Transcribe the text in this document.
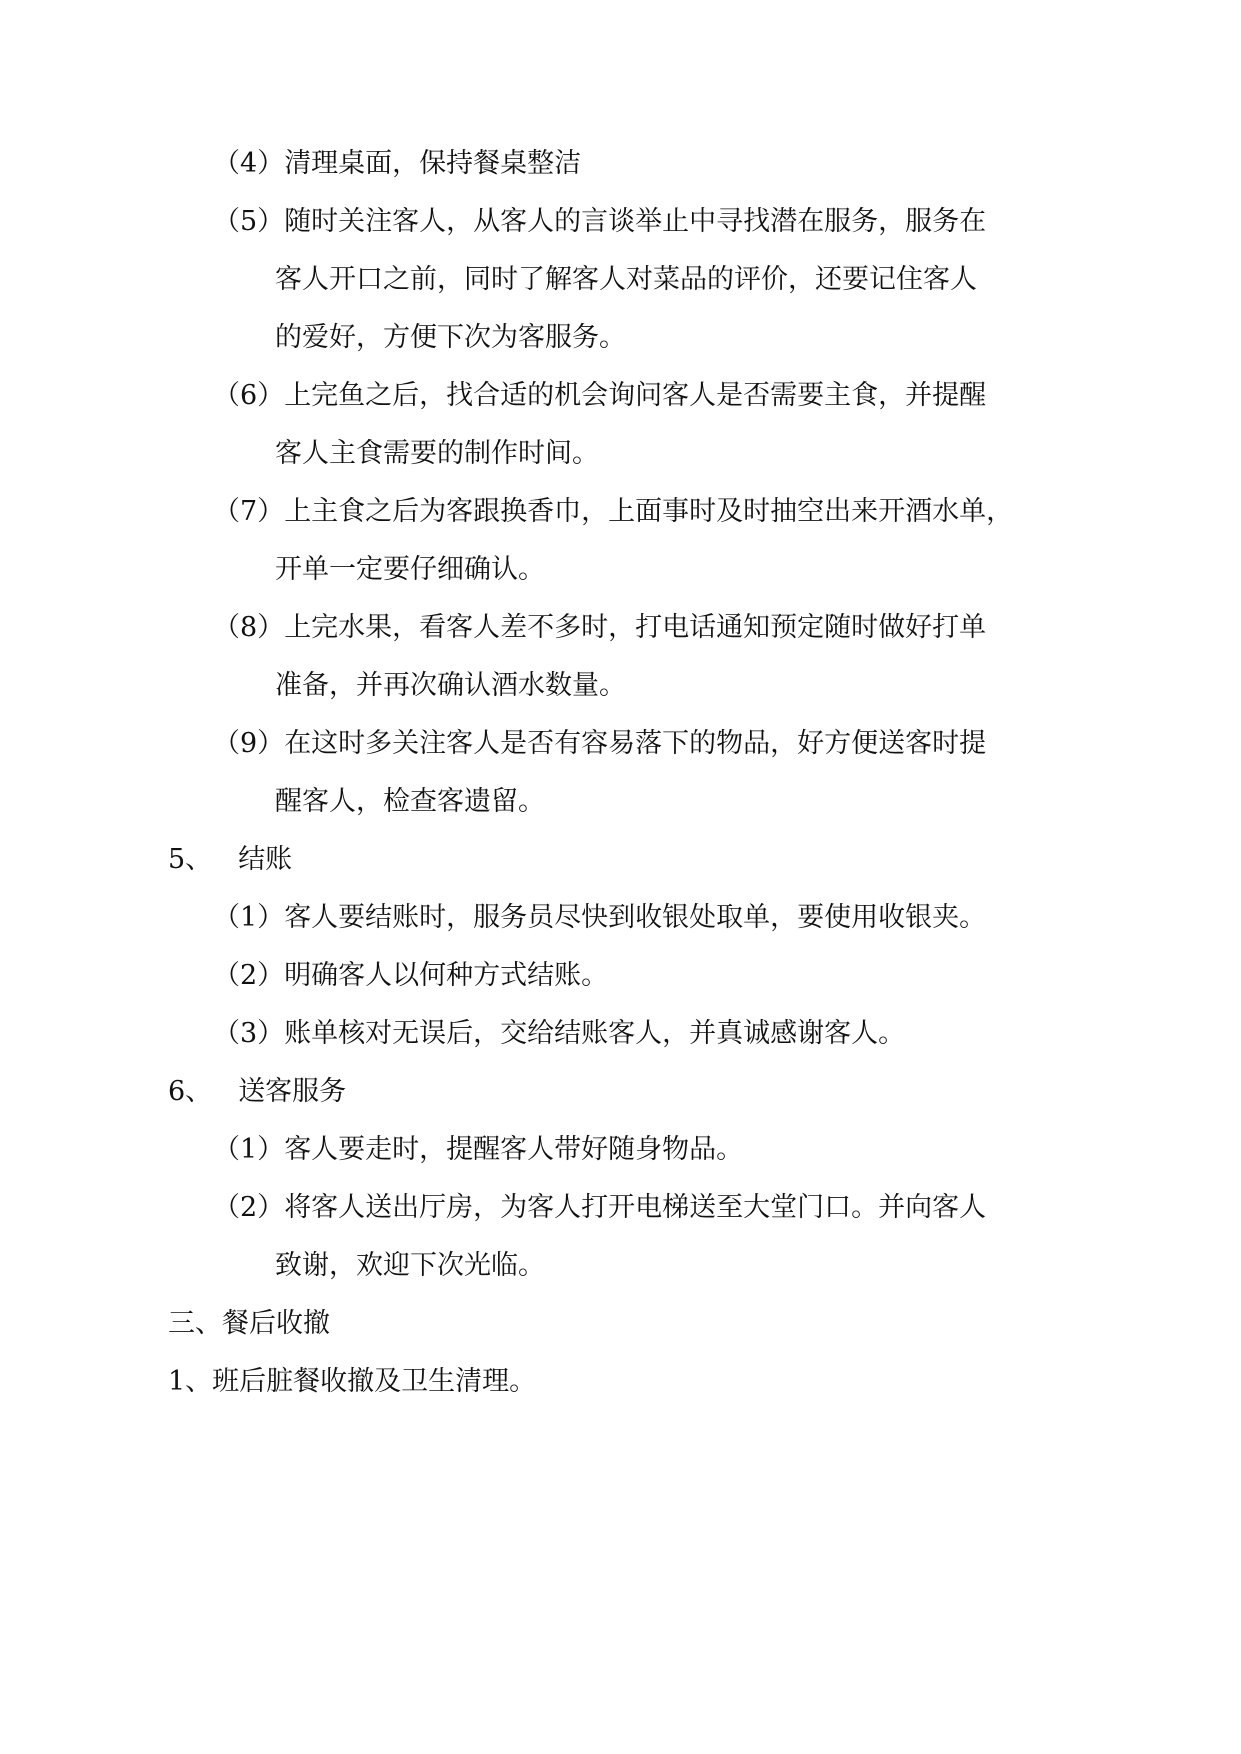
（4）清理桌面，保持餐桌整洁
（5）随时关注客人，从客人的言谈举止中寻找潜在服务，服务在
客人开口之前，同时了解客人对菜品的评价，还要记住客人
的爱好，方便下次为客服务。
（6）上完鱼之后，找合适的机会询问客人是否需要主食，并提醒
客人主食需要的制作时间。
（7）上主食之后为客跟换香巾，上面事时及时抽空出来开酒水单，
开单一定要仔细确认。
（8）上完水果，看客人差不多时，打电话通知预定随时做好打单
准备，并再次确认酒水数量。
（9）在这时多关注客人是否有容易落下的物品，好方便送客时提
醒客人，检查客遗留。
5、 结账
（1）客人要结账时，服务员尽快到收银处取单，要使用收银夹。
（2）明确客人以何种方式结账。
（3）账单核对无误后，交给结账客人，并真诚感谢客人。
6、 送客服务
（1）客人要走时，提醒客人带好随身物品。
（2）将客人送出厅房，为客人打开电梯送至大堂门口。并向客人
致谢，欢迎下次光临。
三、餐后收撤
1、班后脏餐收撤及卫生清理。
